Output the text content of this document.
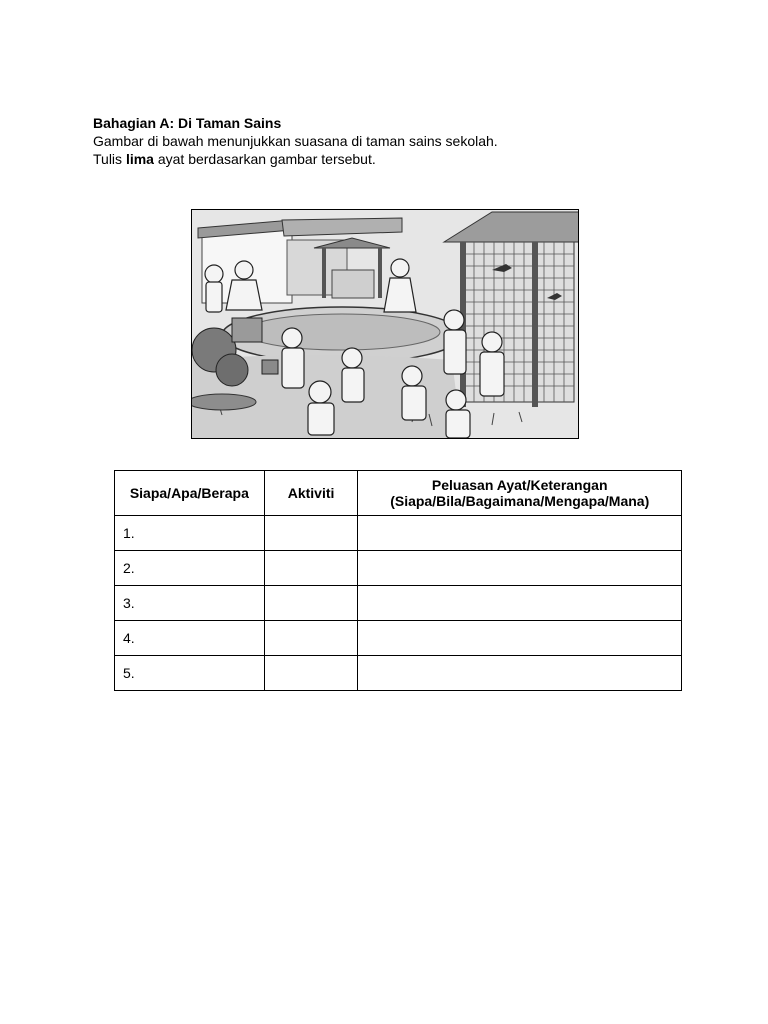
Bahagian A: Di Taman Sains
Gambar di bawah menunjukkan suasana di taman sains sekolah.
Tulis lima ayat berdasarkan gambar tersebut.
Siapa/Apa/Berapa	Aktiviti	Peluasan Ayat/Keterangan
(Siapa/Bila/Bagaimana/Mengapa/Mana)
1.		
2.		
3.		
4.		
5.		
